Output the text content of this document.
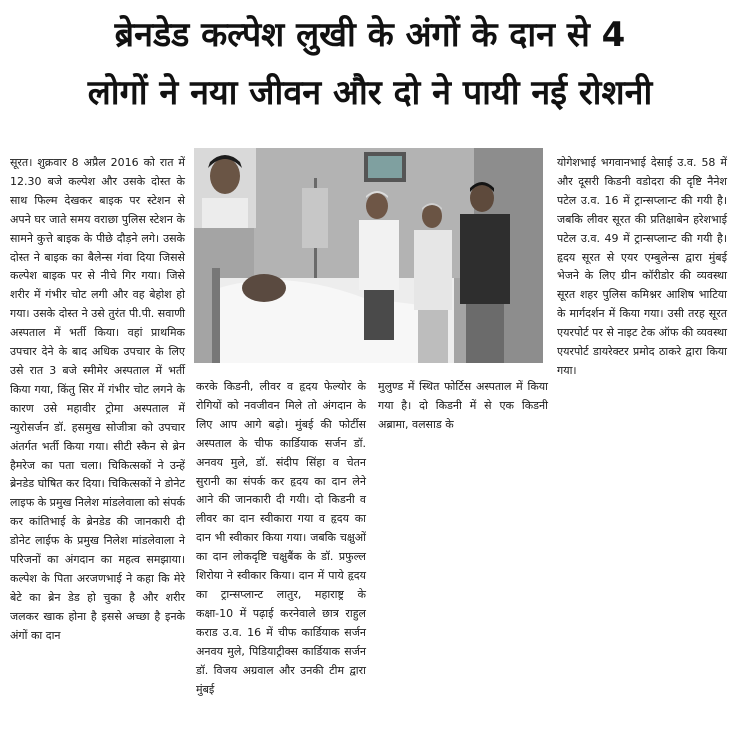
ब्रेनडेड कल्पेश लुखी के अंगों के दान से 4
लोगों ने नया जीवन और दो ने पायी नई रोशनी
सूरत। शुक्रवार 8 अप्रैल 2016 को रात में 12.30 बजे कल्पेश और उसके दोस्त के साथ फिल्म देखकर बाइक पर स्टेशन से अपने घर जाते समय वराछा पुलिस स्टेशन के सामने कुत्ते बाइक के पीछे दौड़ने लगे। उसके दोस्त ने बाइक का बैलेन्स गंवा दिया जिससे कल्पेश बाइक पर से नीचे गिर गया। जिसे शरीर में गंभीर चोट लगी और वह बेहोश हो गया। उसके दोस्त ने उसे तुरंत पी.पी. सवाणी अस्पताल में भर्ती किया। वहां प्राथमिक उपचार देने के बाद अधिक उपचार के लिए उसे रात 3 बजे स्मीमेर अस्पताल में भर्ती किया गया, किंतु सिर में गंभीर चोट लगने के कारण उसे महावीर ट्रोमा अस्पताल में न्युरोसर्जन डॉ. हसमुख सोजीत्रा को उपचार अंतर्गत भर्ती किया गया। सीटी स्कैन से ब्रेन हैमरेज का पता चला। चिकित्सकों ने उन्हें ब्रेनडेड घोषित कर दिया। चिकित्सकों ने डोनेट लाइफ के प्रमुख निलेश मांडलेवाला को संपर्क कर कांतिभाई के ब्रेनडेड की जानकारी दी डोनेट लाईफ के प्रमुख निलेश मांडलेवाला ने परिजनों का अंगदान का महत्व समझाया। कल्पेश के पिता अरजणभाई ने कहा कि मेरे बेटे का ब्रेन डेड हो चुका है और शरीर जलकर खाक होना है इससे अच्छा है इनके अंगों का दान
करके किडनी, लीवर व हृदय फेल्योर के रोगियों को नवजीवन मिले तो अंगदान के लिए आप आगे बढ़ो। मुंबई की फोर्टीस अस्पताल के चीफ कार्डियाक सर्जन डॉ. अनवय मुले, डॉ. संदीप सिंहा व चेतन सुरानी का संपर्क कर हृदय का दान लेने आने की जानकारी दी गयी। दो किडनी व लीवर का दान स्वीकारा गया व हृदय का दान भी स्वीकार किया गया। जबकि चक्षुओं का दान लोकदृष्टि चक्षुबैंक के डॉ. प्रफुल्ल शिरोया ने स्वीकार किया। दान में पाये हृदय का ट्रान्सप्लान्ट लातुर, महाराष्ट्र के कक्षा-10 में पढ़ाई करनेवाले छात्र राहुल कराड उ.व. 16 में चीफ कार्डियाक सर्जन अनवय मुले, पिडियाट्रीक्स कार्डियाक सर्जन डॉ. विजय अग्रवाल और उनकी टीम द्वारा मुंबई
मुलुण्ड में स्थित फोर्टिस अस्पताल में किया गया है। दो किडनी में से एक किडनी अब्रामा, वलसाड के
योगेशभाई भगवानभाई देसाई उ.व. 58 में और दूसरी किडनी वडोदरा की दृष्टि नैनेश पटेल उ.व. 16 में ट्रान्सप्लान्ट की गयी है। जबकि लीवर सूरत की प्रतिक्षाबेन हरेशभाई पटेल उ.व. 49 में ट्रान्सप्लान्ट की गयी है। हृदय सूरत से एयर एम्बुलेन्स द्वारा मुंबई भेजने के लिए ग्रीन कॉरीडोर की व्यवस्था सूरत शहर पुलिस कमिश्नर आशिष भाटिया के मार्गदर्शन में किया गया। उसी तरह सूरत एयरपोर्ट पर से नाइट टेक ऑफ की व्यवस्था एयरपोर्ट डायरेक्टर प्रमोद ठाकरे द्वारा किया गया।
